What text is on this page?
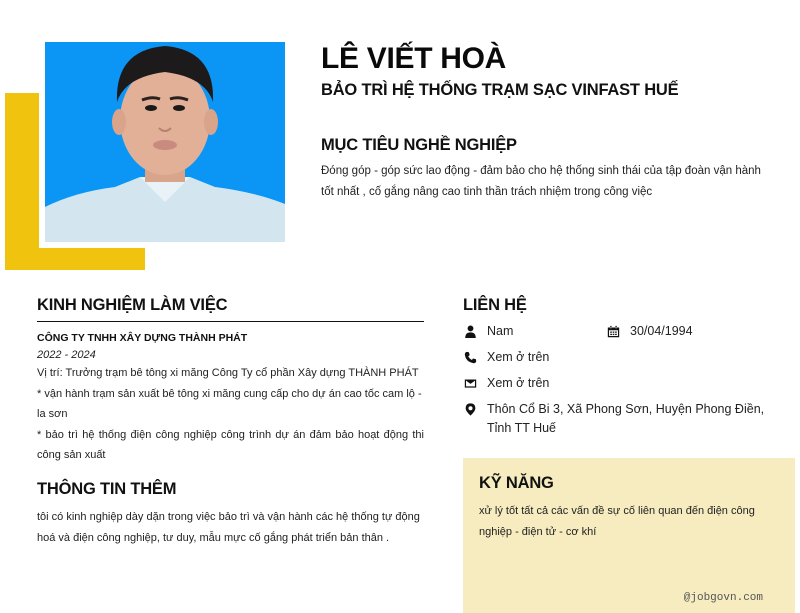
LÊ VIẾT HOÀ
BẢO TRÌ HỆ THỐNG TRẠM SẠC VINFAST HUẾ
MỤC TIÊU NGHỀ NGHIỆP
Đóng góp - góp sức lao động - đảm bảo cho hệ thống sinh thái của tập đoàn vận hành tốt nhất , cố gắng nâng cao tinh thần trách nhiệm trong công việc
KINH NGHIỆM LÀM VIỆC
CÔNG TY TNHH XÂY DỰNG THÀNH PHÁT
2022 - 2024

Vị trí: Trưởng trạm bê tông xi măng Công Ty cổ phần Xây dựng THÀNH PHÁT

* vận hành trạm sản xuất bê tông xi măng cung cấp cho dự án cao tốc cam lộ - la sơn

* bảo trì hệ thống điện công nghiệp công trình dự án đảm bảo hoạt động thi công sản xuất

THÔNG TIN THÊM
tôi có kinh nghiệp dày dặn trong việc bảo trì và vận hành các hệ thống tự động hoá và điện công nghiệp, tư duy, mẫu mực cố gắng phát triển bản thân .
LIÊN HỆ
Nam	30/04/1994
Xem ở trên
Xem ở trên
Thôn Cổ Bi 3, Xã Phong Sơn, Huyện Phong Điền, Tỉnh TT Huế
KỸ NĂNG
xử lý tốt tất cả các vấn đề sự cố liên quan đến điện công nghiệp - điện tử - cơ khí
@jobgovn.com
